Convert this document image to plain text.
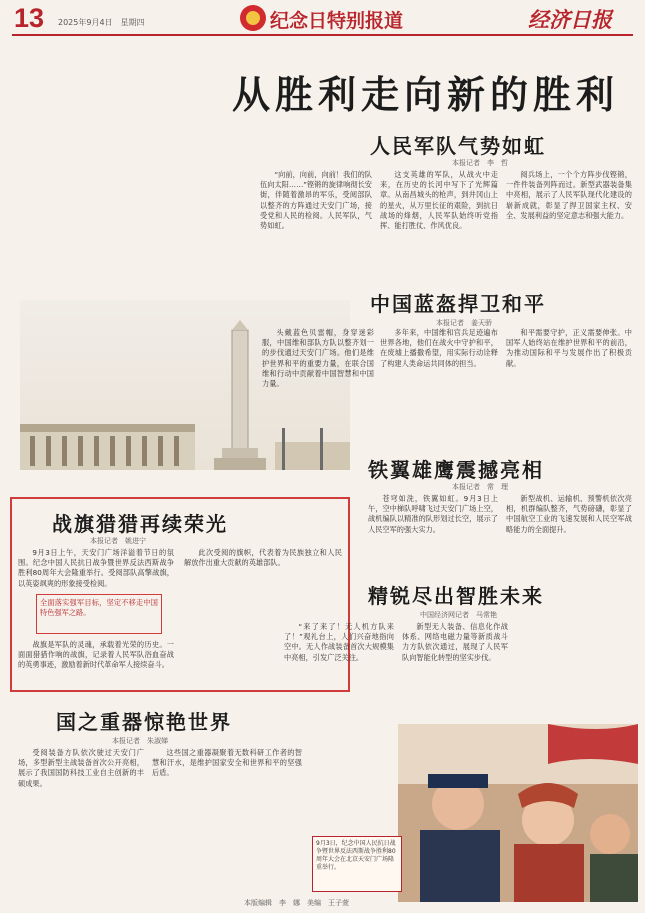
13 2025年9月4日　星期四	纪念日特别报道	经济日报
从胜利走向新的胜利
人民军队气势如虹
本报记者　李　哲
“向前，向前，向前！我们的队伍向太阳……”铿锵的旋律响彻长安街，伴随着激昂的军乐，受阅部队以整齐的方阵通过天安门广场，接受党和人民的检阅。人民军队，气势如虹。
这支英雄的军队，从战火中走来，在历史的长河中写下了光辉篇章。从南昌城头的枪声，到井冈山上的星火，从万里长征的艰险，到抗日战场的烽烟，人民军队始终听党指挥、能打胜仗、作风优良。
阅兵场上，一个个方阵步伐铿锵，一件件装备列阵而过。新型武器装备集中亮相，展示了人民军队现代化建设的崭新成就，彰显了捍卫国家主权、安全、发展利益的坚定意志和强大能力。
中国蓝盔捍卫和平
本报记者　姜天骄
头戴蓝色贝雷帽，身穿迷彩服，中国维和部队方队以整齐划一的步伐通过天安门广场。他们是维护世界和平的重要力量，在联合国维和行动中贡献着中国智慧和中国力量。
多年来，中国维和官兵足迹遍布世界各地，他们在战火中守护和平，在废墟上播撒希望，用实际行动诠释了构建人类命运共同体的担当。
和平需要守护，正义需要伸张。中国军人始终站在维护世界和平的前沿，为推动国际和平与发展作出了积极贡献。
铁翼雄鹰震撼亮相
本报记者　常　理
苍穹如洗，铁翼如虹。9月3日上午，空中梯队呼啸飞过天安门广场上空，战机编队以精准的队形划过长空，展示了人民空军的强大实力。
新型战机、运输机、预警机依次亮相，机群编队整齐，气势磅礴，彰显了中国航空工业的飞速发展和人民空军战略能力的全面提升。
战旗猎猎再续荣光
本报记者　姚进宁
9月3日上午，天安门广场洋溢着节日的氛围。纪念中国人民抗日战争暨世界反法西斯战争胜利80周年大会隆重举行。受阅部队高擎战旗，以英姿飒爽的形象接受检阅。
全面落实强军目标，坚定不移走中国特色强军之路。
战旗是军队的灵魂，承载着光荣的历史。一面面猎猎作响的战旗，记录着人民军队浴血奋战的英勇事迹，激励着新时代革命军人接续奋斗。
此次受阅的旗帜，代表着为民族独立和人民解放作出重大贡献的英雄部队。
精锐尽出智胜未来
中国经济网记者　马常艳
“来了来了！无人机方队来了！”观礼台上，人们兴奋地指向空中。无人作战装备首次大规模集中亮相，引发广泛关注。
新型无人装备、信息化作战体系、网络电磁力量等新质战斗力方队依次通过，展现了人民军队向智能化转型的坚实步伐。
国之重器惊艳世界
本报记者　朱淑娣
受阅装备方队依次驶过天安门广场，多型新型主战装备首次公开亮相，展示了我国国防科技工业自主创新的丰硕成果。
这些国之重器凝聚着无数科研工作者的智慧和汗水，是维护国家安全和世界和平的坚强后盾。
9月3日，纪念中国人民抗日战争暨世界反法西斯战争胜利80周年大会在北京天安门广场隆重举行。
本版编辑　李　娜　美编　王子萱
